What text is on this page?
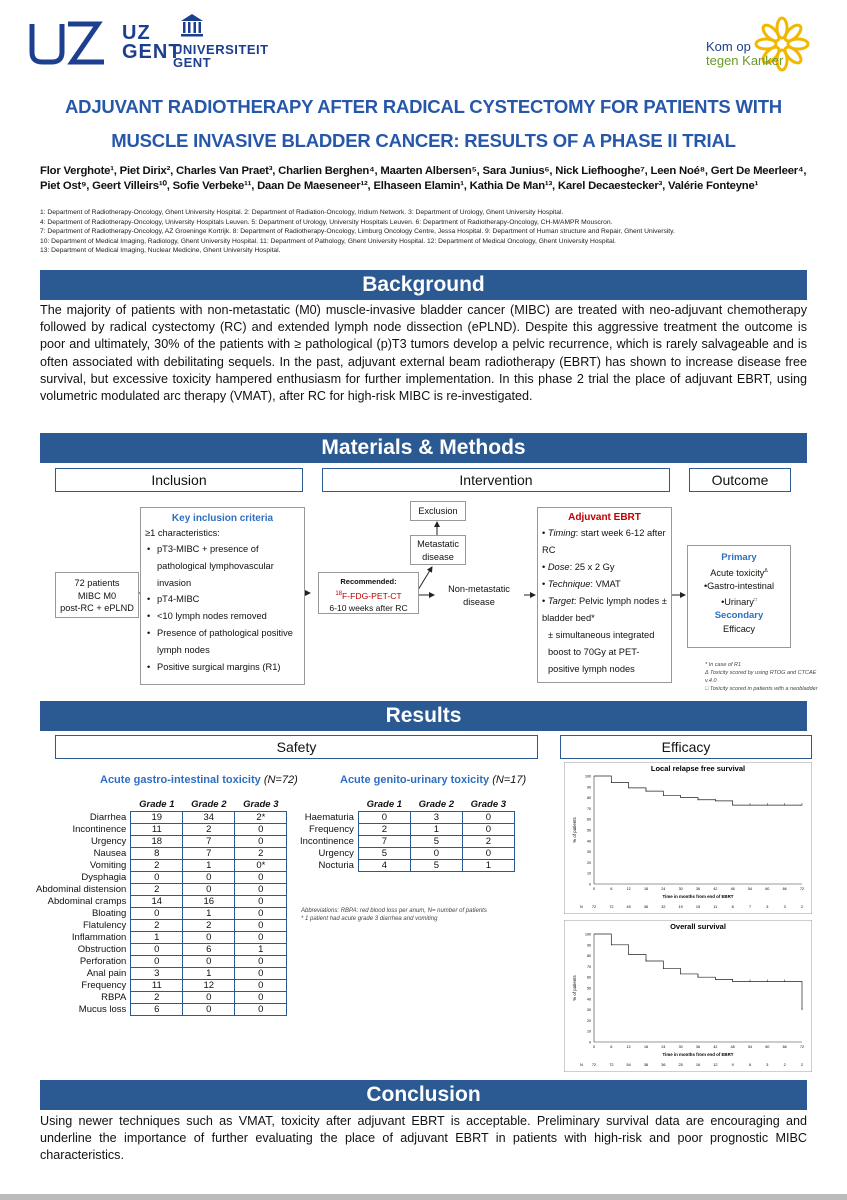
UZ
GENT
UNIVERSITEIT
GENT
Kom op
tegen Kanker
ADJUVANT RADIOTHERAPY AFTER RADICAL CYSTECTOMY FOR PATIENTS WITH
MUSCLE INVASIVE BLADDER CANCER: RESULTS OF A PHASE II TRIAL
Flor Verghote¹, Piet Dirix², Charles Van Praet³, Charlien Berghen⁴, Maarten Albersen⁵, Sara Junius⁶, Nick Liefhooghe⁷, Leen Noé⁸, Gert De Meerleer⁴,
Piet Ost⁹, Geert Villeirs¹⁰, Sofie Verbeke¹¹, Daan De Maeseneer¹², Elhaseen Elamin¹, Kathia De Man¹³, Karel Decaestecker³, Valérie Fonteyne¹
1: Department of Radiotherapy-Oncology, Ghent University Hospital. 2: Department of Radiation-Oncology, Iridium Network. 3: Department of Urology, Ghent University Hospital.
4: Department of Radiotherapy-Oncology, University Hospitals Leuven. 5: Department of Urology, University Hospitals Leuven. 6: Department of Radiotherapy-Oncology, CH-M/AMPR Mouscron.
7: Department of Radiotherapy-Oncology, AZ Groeninge Kortrijk. 8: Department of Radiotherapy-Oncology, Limburg Oncology Centre, Jessa Hospital. 9: Department of Human structure and Repair, Ghent University.
10: Department of Medical Imaging, Radiology, Ghent University Hospital. 11: Department of Pathology, Ghent University Hospital. 12: Department of Medical Oncology, Ghent University Hospital.
13: Department of Medical Imaging, Nuclear Medicine, Ghent University Hospital.
Background
The majority of patients with non-metastatic (M0) muscle-invasive bladder cancer (MIBC) are treated with neo-adjuvant chemotherapy followed by radical cystectomy (RC) and extended lymph node dissection (ePLND). Despite this aggressive treatment the outcome is poor and ultimately, 30% of the patients with ≥ pathological (p)T3 tumors develop a pelvic recurrence, which is rarely salvageable and is often associated with debilitating sequels. In the past, adjuvant external beam radiotherapy (EBRT) has shown to increase disease free survival, but excessive toxicity hampered enthusiasm for further implementation. In this phase 2 trial the place of adjuvant EBRT, using volumetric modulated arc therapy (VMAT), after RC for high-risk MIBC is re-investigated.
Materials & Methods
Inclusion	Intervention	Outcome
72 patients
MIBC M0
post-RC + ePLND
Key inclusion criteria
≥1 characteristics:
• pT3-MIBC + presence of pathological lymphovascular invasion
• pT4-MIBC
• <10 lymph nodes removed
• Presence of pathological positive lymph nodes
• Positive surgical margins (R1)
Recommended:
$^{18}$F-FDG-PET-CT
6-10 weeks after RC
Exclusion
Metastatic
disease
Non-metastatic
disease
Adjuvant EBRT
• Timing: start week 6-12 after RC
• Dose: 25 x 2 Gy
• Technique: VMAT
• Target: Pelvic lymph nodes ± bladder bed*
± simultaneous integrated boost to 70Gy at PET-positive lymph nodes
Primary
Acute toxicity$^\Delta$
•Gastro-intestinal
•Urinary□
Secondary
Efficacy
* In case of R1
Δ Toxicity scored by using RTOG and CTCAE v.4.0
□ Toxicity scored in patients with a neobladder
Results
Safety	Efficacy
Acute gastro-intestinal toxicity (N=72)	Acute genito-urinary toxicity (N=17)
	Grade 1	Grade 2	Grade 3
Diarrhea	19	34	2*
Incontinence	11	2	0
Urgency	18	7	0
Nausea	8	7	2
Vomiting	2	1	0*
Dysphagia	0	0	0
Abdominal distension	2	0	0
Abdominal cramps	14	16	0
Bloating	0	1	0
Flatulency	2	2	0
Inflammation	1	0	0
Obstruction	0	6	1
Perforation	0	0	0
Anal pain	3	1	0
Frequency	11	12	0
RBPA	2	0	0
Mucus loss	6	0	0
	Grade 1	Grade 2	Grade 3
Haematuria	0	3	0
Frequency	2	1	0
Incontinence	7	5	2
Urgency	5	0	0
Nocturia	4	5	1
Abbreviations: RBPA: red blood loss per anum, N= number of patients
* 1 patient had acute grade 3 diarrhea and vomiting
Local relapse free survival
0
10
20
30
40
50
60
70
80
90
100
0	6	12	18	24	30	36	42	48	54	60	66	72
Time in months from end of EBRT
% of patients
N 72	72	49	36	32	19	15	11	8	7	3	3	2
Overall survival
0
10
20
30
40
50
60
70
80
90
100
0	6	12	18	24	30	36	42	48	54	60	66	72
Time in months from end of EBRT
% of patients
N 72	72	54	38	36	25	16	12	9	6	3	2	2
Conclusion
Using newer techniques such as VMAT, toxicity after adjuvant EBRT is acceptable. Preliminary survival data are encouraging and underline the importance of further evaluating the place of adjuvant EBRT in patients with high-risk and poor prognostic MIBC characteristics.
